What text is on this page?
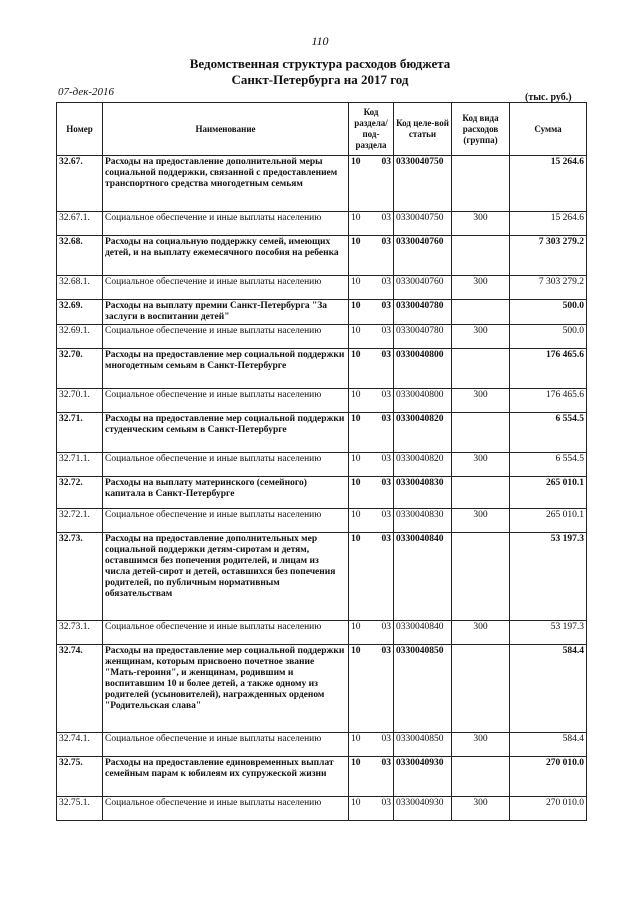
110
Ведомственная структура расходов бюджета
Санкт-Петербурга на 2017 год
07-дек-2016	(тыс. руб.)
Номер	Наименование	Код раздела/ под-раздела		Код целе-вой статьи	Код вида расходов (группа)	Сумма
32.67.	Расходы на предоставление дополнительной меры социальной поддержки, связанной с предоставлением транспортного средства многодетным семьям	10	03	0330040750		15 264.6
32.67.1.	Социальное обеспечение и иные выплаты населению	10	03	0330040750	300	15 264.6
32.68.	Расходы на социальную поддержку семей, имеющих детей, и на выплату ежемесячного пособия на ребенка	10	03	0330040760		7 303 279.2
32.68.1.	Социальное обеспечение и иные выплаты населению	10	03	0330040760	300	7 303 279.2
32.69.	Расходы на выплату премии Санкт-Петербурга "За заслуги в воспитании детей"	10	03	0330040780		500.0
32.69.1.	Социальное обеспечение и иные выплаты населению	10	03	0330040780	300	500.0
32.70.	Расходы на предоставление мер социальной поддержки многодетным семьям в Санкт-Петербурге	10	03	0330040800		176 465.6
32.70.1.	Социальное обеспечение и иные выплаты населению	10	03	0330040800	300	176 465.6
32.71.	Расходы на предоставление мер социальной поддержки студенческим семьям в Санкт-Петербурге	10	03	0330040820		6 554.5
32.71.1.	Социальное обеспечение и иные выплаты населению	10	03	0330040820	300	6 554.5
32.72.	Расходы на выплату материнского (семейного) капитала в Санкт-Петербурге	10	03	0330040830		265 010.1
32.72.1.	Социальное обеспечение и иные выплаты населению	10	03	0330040830	300	265 010.1
32.73.	Расходы на предоставление дополнительных мер социальной поддержки детям-сиротам и детям, оставшимся без попечения родителей, и лицам из числа детей-сирот и детей, оставшихся без попечения родителей, по публичным нормативным обязательствам	10	03	0330040840		53 197.3
32.73.1.	Социальное обеспечение и иные выплаты населению	10	03	0330040840	300	53 197.3
32.74.	Расходы на предоставление мер социальной поддержки женщинам, которым присвоено почетное звание "Мать-героиня", и женщинам, родившим и воспитавшим 10 и более детей, а также одному из родителей (усыновителей), награжденных орденом "Родительская слава"	10	03	0330040850		584.4
32.74.1.	Социальное обеспечение и иные выплаты населению	10	03	0330040850	300	584.4
32.75.	Расходы на предоставление единовременных выплат семейным парам к юбилеям их супружеской жизни	10	03	0330040930		270 010.0
32.75.1.	Социальное обеспечение и иные выплаты населению	10	03	0330040930	300	270 010.0
